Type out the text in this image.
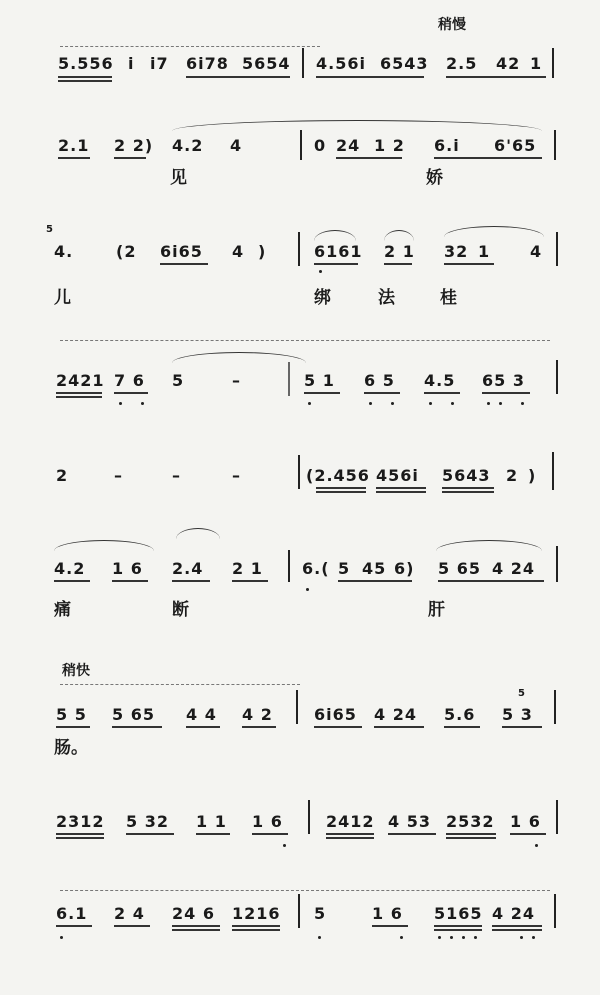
稍慢
稍快
5.556 i i7 6i78 5654 4.56i 6543 2.5 42 1
2.1 2 2) 4.2 4	0 24 1 2 6.i 6'65
见	娇
5
4.	(2 6i65 4 )	6161 2 1 32 1 4
儿	绑	法	桂
2421 7 6 5	–	5 1 6 5 4.5 65 3
2	–	–	–	(2.456 456i 5643 2 )
4.2 1 6 2.4 2 1 6.( 5 45 6) 5 65 4 24
痛	断	肝
5
5 5 5 65 4 4 4 2	6i65 4 24 5.6 5 3
肠。
2312 5 32 1 1 1 6	2412 4 53 2532 1 6
6.1 2 4 24 6 1216 5	1 6 5165 4 24
